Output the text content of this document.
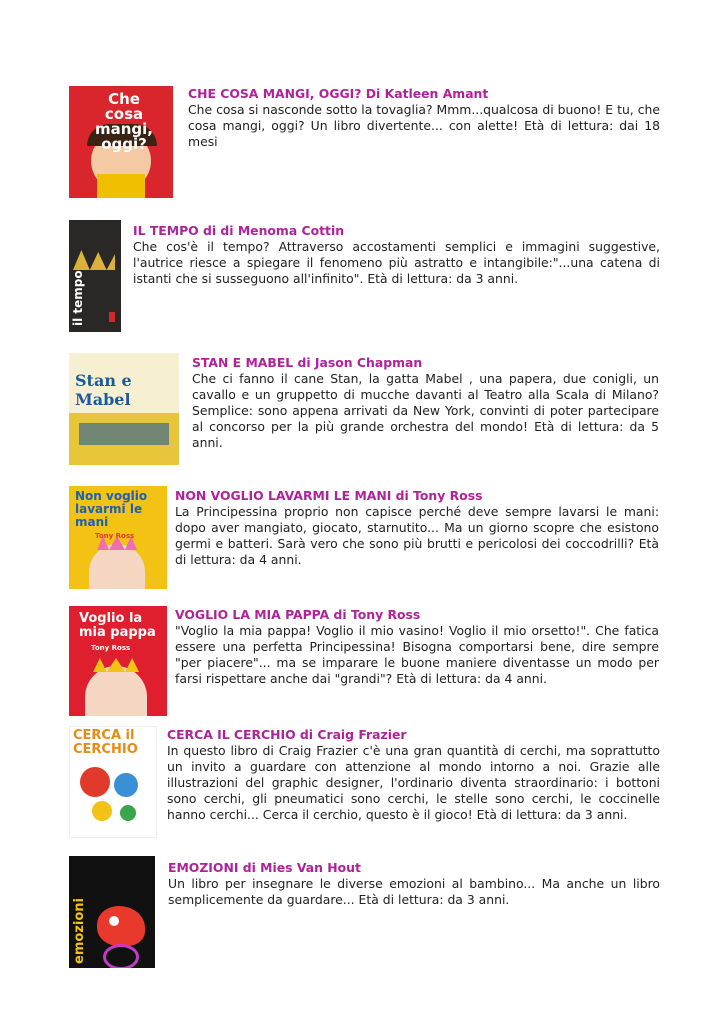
Che cosa mangi, oggi?
CHE COSA MANGI, OGGI? Di Katleen Amant
Che cosa si nasconde sotto la tovaglia? Mmm...qualcosa di buono! E tu, che cosa mangi, oggi? Un libro divertente... con alette! Età di lettura: dai 18 mesi
il tempo
IL TEMPO di di Menoma Cottin
Che cos'è il tempo? Attraverso accostamenti semplici e immagini suggestive, l'autrice riesce a spiegare il fenomeno più astratto e intangibile:"...una catena di istanti che si susseguono all'infinito". Età di lettura: da 3 anni.
Stan e Mabel
STAN E MABEL di Jason Chapman
Che ci fanno il cane Stan, la gatta Mabel , una papera, due conigli, un cavallo e un gruppetto di mucche davanti al Teatro alla Scala di Milano? Semplice: sono appena arrivati da New York, convinti di poter partecipare al concorso per la più grande orchestra del mondo! Età di lettura: da 5 anni.
Non voglio lavarmi le mani
Tony Ross
NON VOGLIO LAVARMI LE MANI di Tony Ross
La Principessina proprio non capisce perché deve sempre lavarsi le mani: dopo aver mangiato, giocato, starnutito... Ma un giorno scopre che esistono germi e batteri. Sarà vero che sono più brutti e pericolosi dei coccodrilli? Età di lettura: da 4 anni.
Voglio la mia pappa
Tony Ross
VOGLIO LA MIA PAPPA di Tony Ross
"Voglio la mia pappa! Voglio il mio vasino! Voglio il mio orsetto!". Che fatica essere una perfetta Principessina! Bisogna comportarsi bene, dire sempre "per piacere"... ma se imparare le buone maniere diventasse un modo per farsi rispettare anche dai "grandi"? Età di lettura: da 4 anni.
CERCA il CERCHIO
CERCA IL CERCHIO di Craig Frazier
In questo libro di Craig Frazier c'è una gran quantità di cerchi, ma soprattutto un invito a guardare con attenzione al mondo intorno a noi. Grazie alle illustrazioni del graphic designer, l'ordinario diventa straordinario: i bottoni sono cerchi, gli pneumatici sono cerchi, le stelle sono cerchi, le coccinelle hanno cerchi... Cerca il cerchio, questo è il gioco! Età di lettura: da 3 anni.
emozioni
EMOZIONI di Mies Van Hout
Un libro per insegnare le diverse emozioni al bambino... Ma anche un libro semplicemente da guardare... Età di lettura: da 3 anni.
